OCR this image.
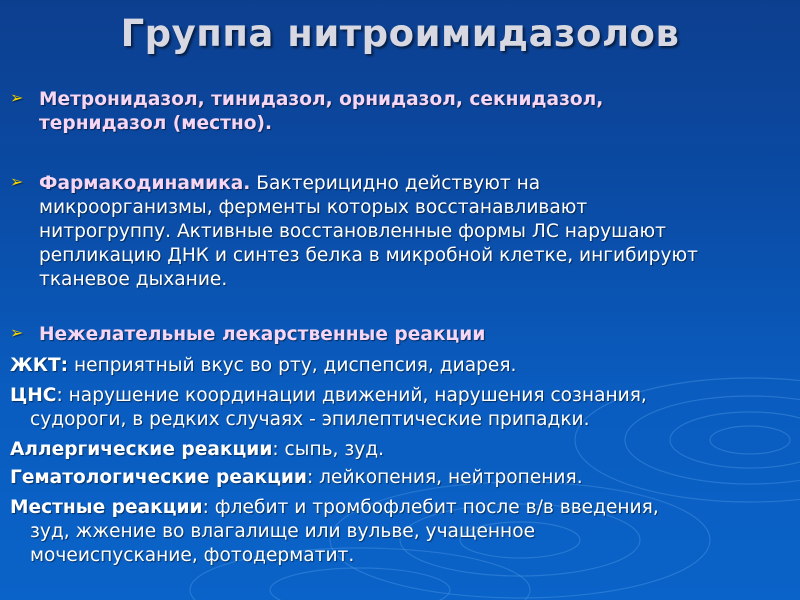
Группа нитроимидазолов
➢ Метронидазол, тинидазол, орнидазол, секнидазол,
тернидазол (местно).
➢ Фармакодинамика. Бактерицидно действуют на
микроорганизмы, ферменты которых восстанавливают
нитрогруппу. Активные восстановленные формы ЛС нарушают
репликацию ДНК и синтез белка в микробной клетке, ингибируют
тканевое дыхание.
➢ Нежелательные лекарственные реакции
ЖКТ: неприятный вкус во рту, диспепсия, диарея.
ЦНС: нарушение координации движений, нарушения сознания,
судороги, в редких случаях - эпилептические припадки.
Аллергические реакции: сыпь, зуд.
Гематологические реакции: лейкопения, нейтропения.
Местные реакции: флебит и тромбофлебит после в/в введения,
зуд, жжение во влагалище или вульве, учащенное
мочеиспускание, фотодерматит.
